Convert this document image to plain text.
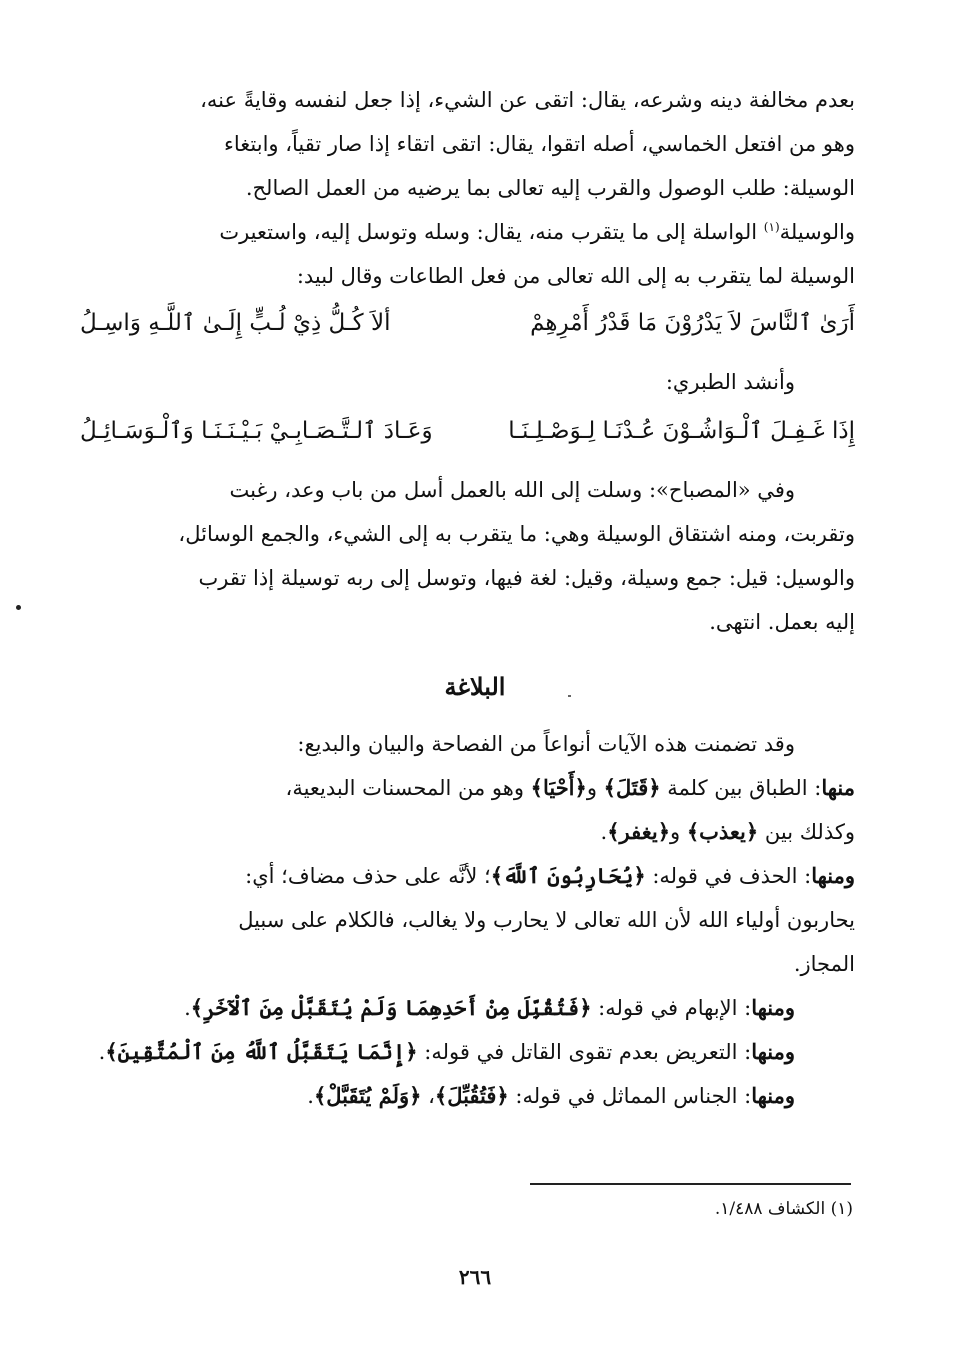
بعدم مخالفة دينه وشرعه، يقال: اتقى عن الشيء، إذا جعل لنفسه وقايةً عنه،
وهو من افتعل الخماسي، أصله اتقوا، يقال: اتقى اتقاء إذا صار تقياً، وابتغاء
الوسيلة: طلب الوصول والقرب إليه تعالى بما يرضيه من العمل الصالح.
والوسيلة$^{(١)}$ الواسلة إلى ما يتقرب منه، يقال: وسله وتوسل إليه، واستعيرت
الوسيلة لما يتقرب به إلى الله تعالى من فعل الطاعات وقال لبيد:
أَرَىٰ ٱلنَّاسَ لاَ يَدْرُوْنَ مَا قَدْرُ أَمْرِهِمْ
ألاَ كُـلُّ ذِيْ لُـبٍّ إِلَـىٰ ٱللَّـهِ وَاسِـلُ
وأنشد الطبري:
إِذَا غَـفِـلَ ٱلْـوَاشُـوْنَ عُـدْنَـا لِـوَصْـلِـنَـا
وَعَـادَ ٱلـتَّـصَـابِـيْ بَـيْـنَـنَـا وَٱلْـوَسَـائِـلُ
وفي «المصباح»: وسلت إلى الله بالعمل أسل من باب وعد، رغبت
وتقربت، ومنه اشتقاق الوسيلة وهي: ما يتقرب به إلى الشيء، والجمع الوسائل،
والوسيل: قيل: جمع وسيلة، وقيل: لغة فيها، وتوسل إلى ربه توسيلة إذا تقرب
إليه بعمل. انتهى.
البلاغة
وقد تضمنت هذه الآيات أنواعاً من الفصاحة والبيان والبديع:
منها: الطباق بين كلمة ﴿قَتَلَ﴾ و﴿أَحْيَا﴾ وهو من المحسنات البديعية،
وكذلك بين ﴿يعذب﴾ و﴿يغفر﴾.
ومنها: الحذف في قوله: ﴿يُحَارِبُونَ ٱللَّهَ﴾؛ لأنَّه على حذف مضاف؛ أي:
يحاربون أولياء الله لأن الله تعالى لا يحارب ولا يغالب، فالكلام على سبيل
المجاز.
ومنها: الإبهام في قوله: ﴿فَتُقُبِّلَ مِنْ أَحَدِهِمَا وَلَمْ يُتَقَبَّلْ مِنَ ٱلْآخَرِ﴾.
ومنها: التعريض بعدم تقوى القاتل في قوله: ﴿إِنَّمَا يَتَقَبَّلُ ٱللَّهُ مِنَ ٱلْمُتَّقِينَ﴾.
ومنها: الجناس المماثل في قوله: ﴿فَتُقُبِّلَ﴾، ﴿وَلَمْ يُتَقَبَّلْ﴾.
(١) الكشاف ١/٤٨٨.
٢٦٦
